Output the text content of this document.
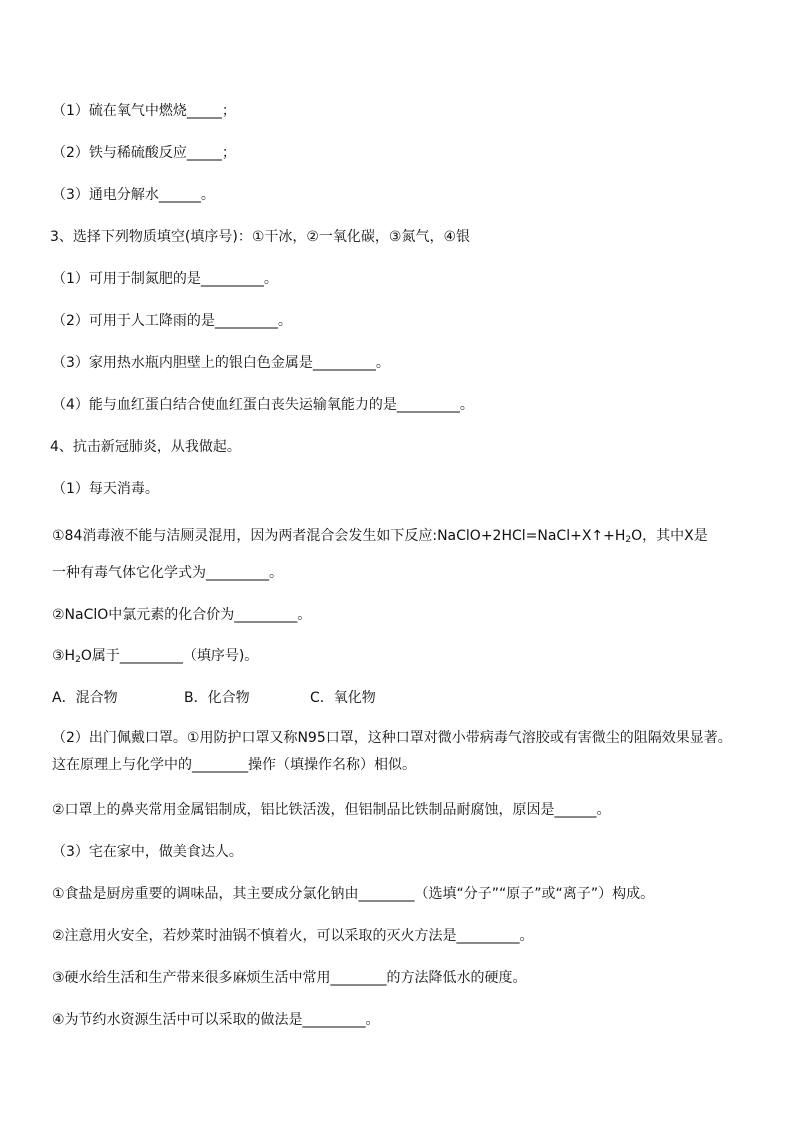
（1）硫在氧气中燃烧_____；
（2）铁与稀硫酸反应_____；
（3）通电分解水______。
3、选择下列物质填空(填序号)：①干冰，②一氧化碳，③氮气，④银
（1）可用于制氮肥的是_________。
（2）可用于人工降雨的是_________。
（3）家用热水瓶内胆壁上的银白色金属是_________。
（4）能与血红蛋白结合使血红蛋白丧失运输氧能力的是_________。
4、抗击新冠肺炎，从我做起。
（1）每天消毒。
①84消毒液不能与洁厕灵混用，因为两者混合会发生如下反应$:NaClO+2HCl=NaCl+X↑+H_2O$，其中X是
一种有毒气体它化学式为_________。
②NaClO中氯元素的化合价为_________。
$③H_2O$属于_________（填序号)。
A．混合物	B．化合物	C．氧化物
（2）出门佩戴口罩。①用防护口罩又称N95口罩，这种口罩对微小带病毒气溶胶或有害微尘的阻隔效果显著。这在原理上与化学中的________操作（填操作名称）相似。
②口罩上的鼻夹常用金属铝制成，铝比铁活泼，但铝制品比铁制品耐腐蚀，原因是______。
（3）宅在家中，做美食达人。
①食盐是厨房重要的调味品，其主要成分氯化钠由________（选填“分子”“原子”或“离子”）构成。
②注意用火安全，若炒菜时油锅不慎着火，可以采取的灭火方法是_________。
③硬水给生活和生产带来很多麻烦生活中常用________的方法降低水的硬度。
④为节约水资源生活中可以采取的做法是_________。
